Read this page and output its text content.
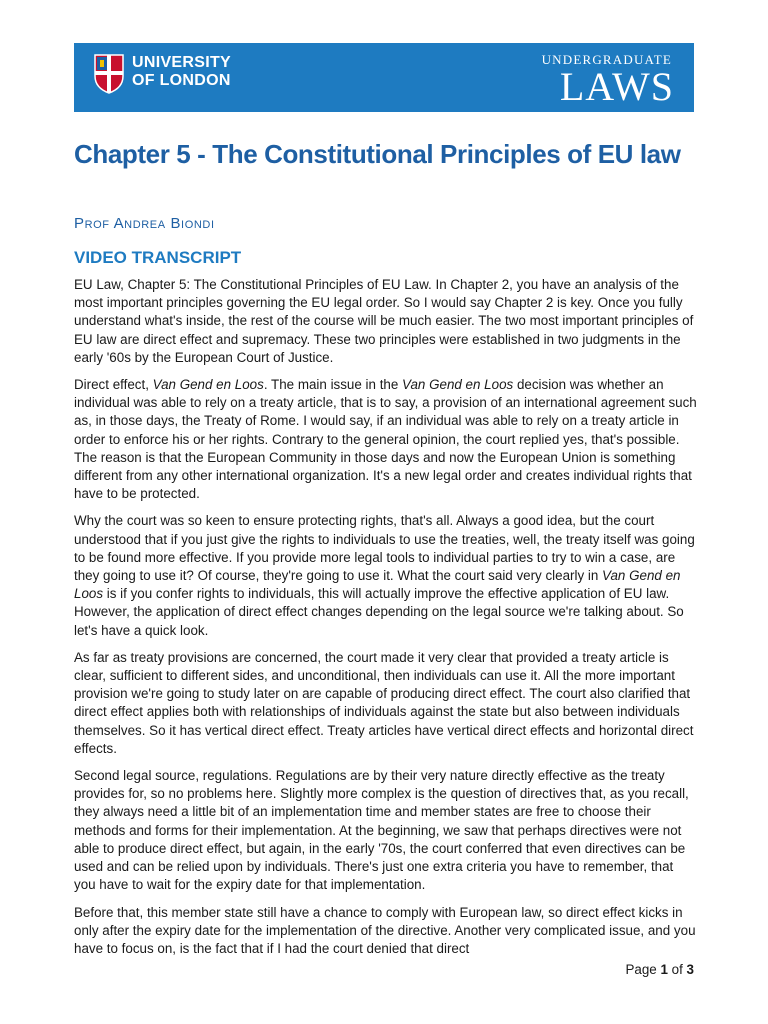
UNIVERSITY
OF LONDON
UNDERGRADUATE
LAWS
Chapter 5 - The Constitutional Principles of EU law
Prof Andrea Biondi
VIDEO TRANSCRIPT

EU Law, Chapter 5: The Constitutional Principles of EU Law. In Chapter 2, you have an analysis of the most important principles governing the EU legal order. So I would say Chapter 2 is key. Once you fully understand what's inside, the rest of the course will be much easier. The two most important principles of EU law are direct effect and supremacy. These two principles were established in two judgments in the early '60s by the European Court of Justice.

Direct effect, Van Gend en Loos. The main issue in the Van Gend en Loos decision was whether an individual was able to rely on a treaty article, that is to say, a provision of an international agreement such as, in those days, the Treaty of Rome. I would say, if an individual was able to rely on a treaty article in order to enforce his or her rights. Contrary to the general opinion, the court replied yes, that's possible. The reason is that the European Community in those days and now the European Union is something different from any other international organization. It's a new legal order and creates individual rights that have to be protected.

Why the court was so keen to ensure protecting rights, that's all. Always a good idea, but the court understood that if you just give the rights to individuals to use the treaties, well, the treaty itself was going to be found more effective. If you provide more legal tools to individual parties to try to win a case, are they going to use it? Of course, they're going to use it. What the court said very clearly in Van Gend en Loos is if you confer rights to individuals, this will actually improve the effective application of EU law. However, the application of direct effect changes depending on the legal source we're talking about. So let's have a quick look.

As far as treaty provisions are concerned, the court made it very clear that provided a treaty article is clear, sufficient to different sides, and unconditional, then individuals can use it. All the more important provision we're going to study later on are capable of producing direct effect. The court also clarified that direct effect applies both with relationships of individuals against the state but also between individuals themselves. So it has vertical direct effect. Treaty articles have vertical direct effects and horizontal direct effects.

Second legal source, regulations. Regulations are by their very nature directly effective as the treaty provides for, so no problems here. Slightly more complex is the question of directives that, as you recall, they always need a little bit of an implementation time and member states are free to choose their methods and forms for their implementation. At the beginning, we saw that perhaps directives were not able to produce direct effect, but again, in the early '70s, the court conferred that even directives can be used and can be relied upon by individuals. There's just one extra criteria you have to remember, that you have to wait for the expiry date for that implementation.

Before that, this member state still have a chance to comply with European law, so direct effect kicks in only after the expiry date for the implementation of the directive. Another very complicated issue, and you have to focus on, is the fact that if I had the court denied that direct

Page 1 of 3
